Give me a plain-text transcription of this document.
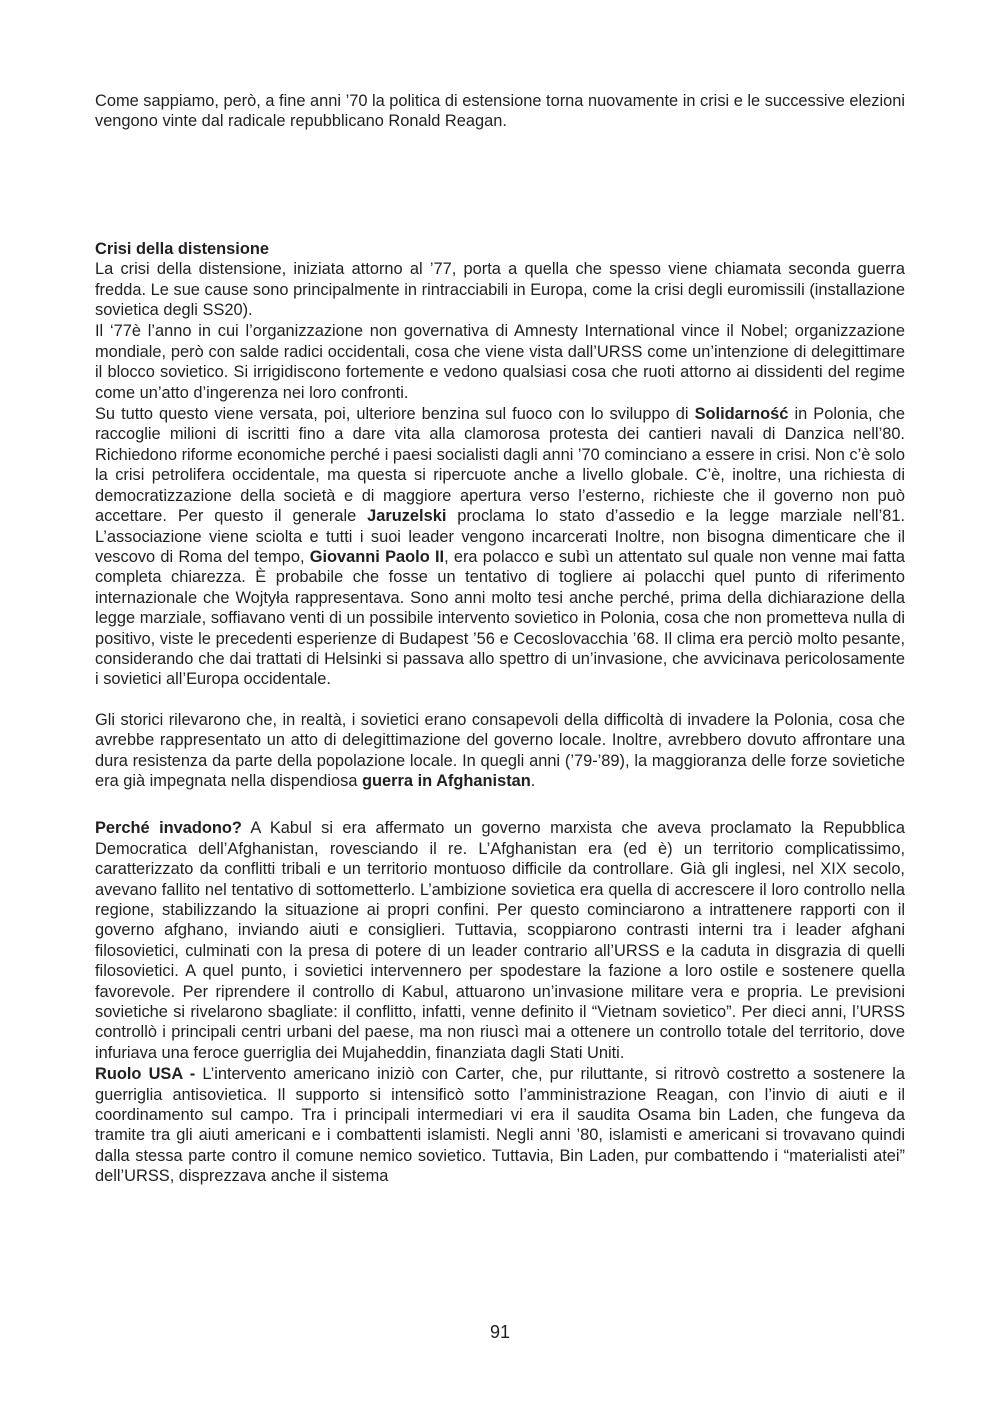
Come sappiamo, però, a fine anni ’70 la politica di estensione torna nuovamente in crisi e le successive elezioni vengono vinte dal radicale repubblicano Ronald Reagan.

Crisi della distensione

La crisi della distensione, iniziata attorno al ’77, porta a quella che spesso viene chiamata seconda guerra fredda. Le sue cause sono principalmente in rintracciabili in Europa, come la crisi degli euromissili (installazione sovietica degli SS20).

Il ‘77è l’anno in cui l’organizzazione non governativa di Amnesty International vince il Nobel; organizzazione mondiale, però con salde radici occidentali, cosa che viene vista dall’URSS come un’intenzione di delegittimare il blocco sovietico. Si irrigidiscono fortemente e vedono qualsiasi cosa che ruoti attorno ai dissidenti del regime come un’atto d’ingerenza nei loro confronti.

Su tutto questo viene versata, poi, ulteriore benzina sul fuoco con lo sviluppo di Solidarność in Polonia, che raccoglie milioni di iscritti fino a dare vita alla clamorosa protesta dei cantieri navali di Danzica nell’80. Richiedono riforme economiche perché i paesi socialisti dagli anni ’70 cominciano a essere in crisi. Non c’è solo la crisi petrolifera occidentale, ma questa si ripercuote anche a livello globale. C’è, inoltre, una richiesta di democratizzazione della società e di maggiore apertura verso l’esterno, richieste che il governo non può accettare. Per questo il generale Jaruzelski proclama lo stato d’assedio e la legge marziale nell’81. L’associazione viene sciolta e tutti i suoi leader vengono incarcerati Inoltre, non bisogna dimenticare che il vescovo di Roma del tempo, Giovanni Paolo II, era polacco e subì un attentato sul quale non venne mai fatta completa chiarezza. È probabile che fosse un tentativo di togliere ai polacchi quel punto di riferimento internazionale che Wojtyła rappresentava. Sono anni molto tesi anche perché, prima della dichiarazione della legge marziale, soffiavano venti di un possibile intervento sovietico in Polonia, cosa che non prometteva nulla di positivo, viste le precedenti esperienze di Budapest ’56 e Cecoslovacchia ’68. Il clima era perciò molto pesante, considerando che dai trattati di Helsinki si passava allo spettro di un’invasione, che avvicinava pericolosamente i sovietici all’Europa occidentale.

Gli storici rilevarono che, in realtà, i sovietici erano consapevoli della difficoltà di invadere la Polonia, cosa che avrebbe rappresentato un atto di delegittimazione del governo locale. Inoltre, avrebbero dovuto affrontare una dura resistenza da parte della popolazione locale. In quegli anni (’79-’89), la maggioranza delle forze sovietiche era già impegnata nella dispendiosa guerra in Afghanistan.

Perché invadono? A Kabul si era affermato un governo marxista che aveva proclamato la Repubblica Democratica dell’Afghanistan, rovesciando il re. L’Afghanistan era (ed è) un territorio complicatissimo, caratterizzato da conflitti tribali e un territorio montuoso difficile da controllare. Già gli inglesi, nel XIX secolo, avevano fallito nel tentativo di sottometterlo. L’ambizione sovietica era quella di accrescere il loro controllo nella regione, stabilizzando la situazione ai propri confini. Per questo cominciarono a intrattenere rapporti con il governo afghano, inviando aiuti e consiglieri. Tuttavia, scoppiarono contrasti interni tra i leader afghani filosovietici, culminati con la presa di potere di un leader contrario all’URSS e la caduta in disgrazia di quelli filosovietici. A quel punto, i sovietici intervennero per spodestare la fazione a loro ostile e sostenere quella favorevole. Per riprendere il controllo di Kabul, attuarono un’invasione militare vera e propria. Le previsioni sovietiche si rivelarono sbagliate: il conflitto, infatti, venne definito il “Vietnam sovietico”. Per dieci anni, l’URSS controllò i principali centri urbani del paese, ma non riuscì mai a ottenere un controllo totale del territorio, dove infuriava una feroce guerriglia dei Mujaheddin, finanziata dagli Stati Uniti.

Ruolo USA - L’intervento americano iniziò con Carter, che, pur riluttante, si ritrovò costretto a sostenere la guerriglia antisovietica. Il supporto si intensificò sotto l’amministrazione Reagan, con l’invio di aiuti e il coordinamento sul campo. Tra i principali intermediari vi era il saudita Osama bin Laden, che fungeva da tramite tra gli aiuti americani e i combattenti islamisti. Negli anni ’80, islamisti e americani si trovavano quindi dalla stessa parte contro il comune nemico sovietico. Tuttavia, Bin Laden, pur combattendo i “materialisti atei” dell’URSS, disprezzava anche il sistema

91
